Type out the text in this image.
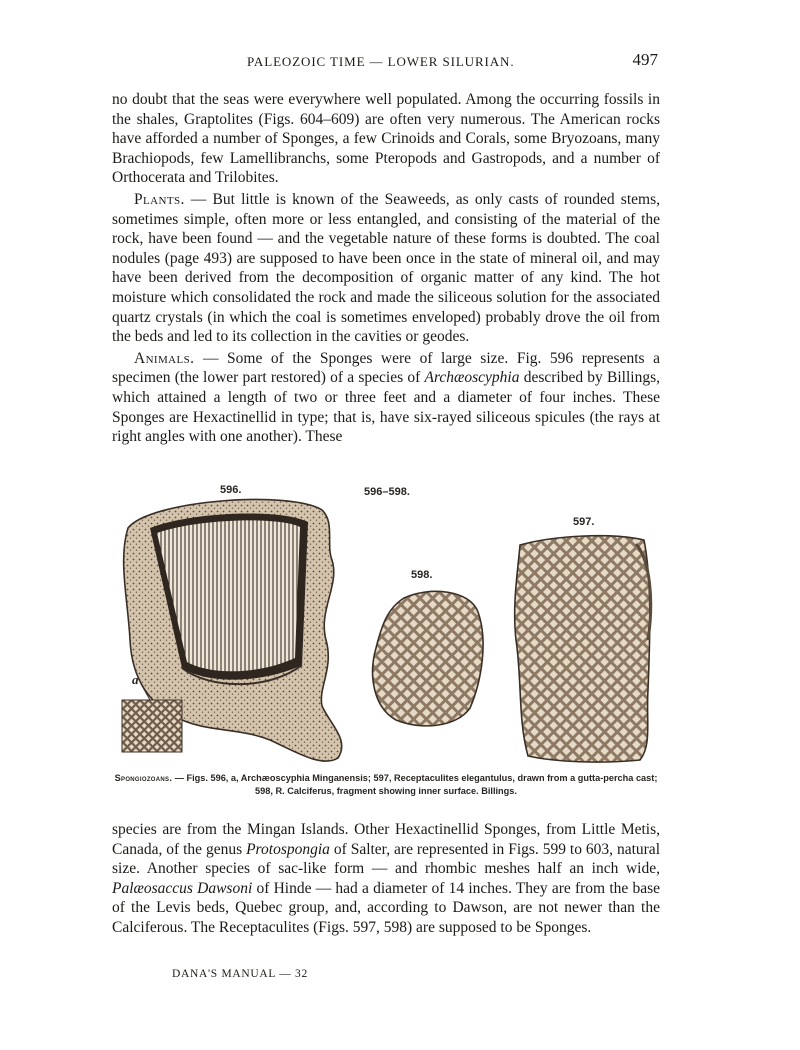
PALEOZOIC TIME — LOWER SILURIAN.	497

no doubt that the seas were everywhere well populated. Among the occurring fossils in the shales, Graptolites (Figs. 604–609) are often very numerous. The American rocks have afforded a number of Sponges, a few Crinoids and Corals, some Bryozoans, many Brachiopods, few Lamellibranchs, some Pteropods and Gastropods, and a number of Orthocerata and Trilobites.

Plants. — But little is known of the Seaweeds, as only casts of rounded stems, sometimes simple, often more or less entangled, and consisting of the material of the rock, have been found — and the vegetable nature of these forms is doubted. The coal nodules (page 493) are supposed to have been once in the state of mineral oil, and may have been derived from the decomposition of organic matter of any kind. The hot moisture which consolidated the rock and made the siliceous solution for the associated quartz crystals (in which the coal is sometimes enveloped) probably drove the oil from the beds and led to its collection in the cavities or geodes.

Animals. — Some of the Sponges were of large size. Fig. 596 represents a specimen (the lower part restored) of a species of Archæoscyphia described by Billings, which attained a length of two or three feet and a diameter of four inches. These Sponges are Hexactinellid in type; that is, have six-rayed siliceous spicules (the rays at right angles with one another). These

596.	596–598.
597.
598.
a
Spongiozoans. — Figs. 596, a, Archæoscyphia Minganensis; 597, Receptaculites elegantulus, drawn from a gutta-percha cast; 598, R. Calciferus, fragment showing inner surface. Billings.

species are from the Mingan Islands. Other Hexactinellid Sponges, from Little Metis, Canada, of the genus Protospongia of Salter, are represented in Figs. 599 to 603, natural size. Another species of sac-like form — and rhombic meshes half an inch wide, Palæosaccus Dawsoni of Hinde — had a diameter of 14 inches. They are from the base of the Levis beds, Quebec group, and, according to Dawson, are not newer than the Calciferous. The Receptaculites (Figs. 597, 598) are supposed to be Sponges.

DANA'S MANUAL — 32
